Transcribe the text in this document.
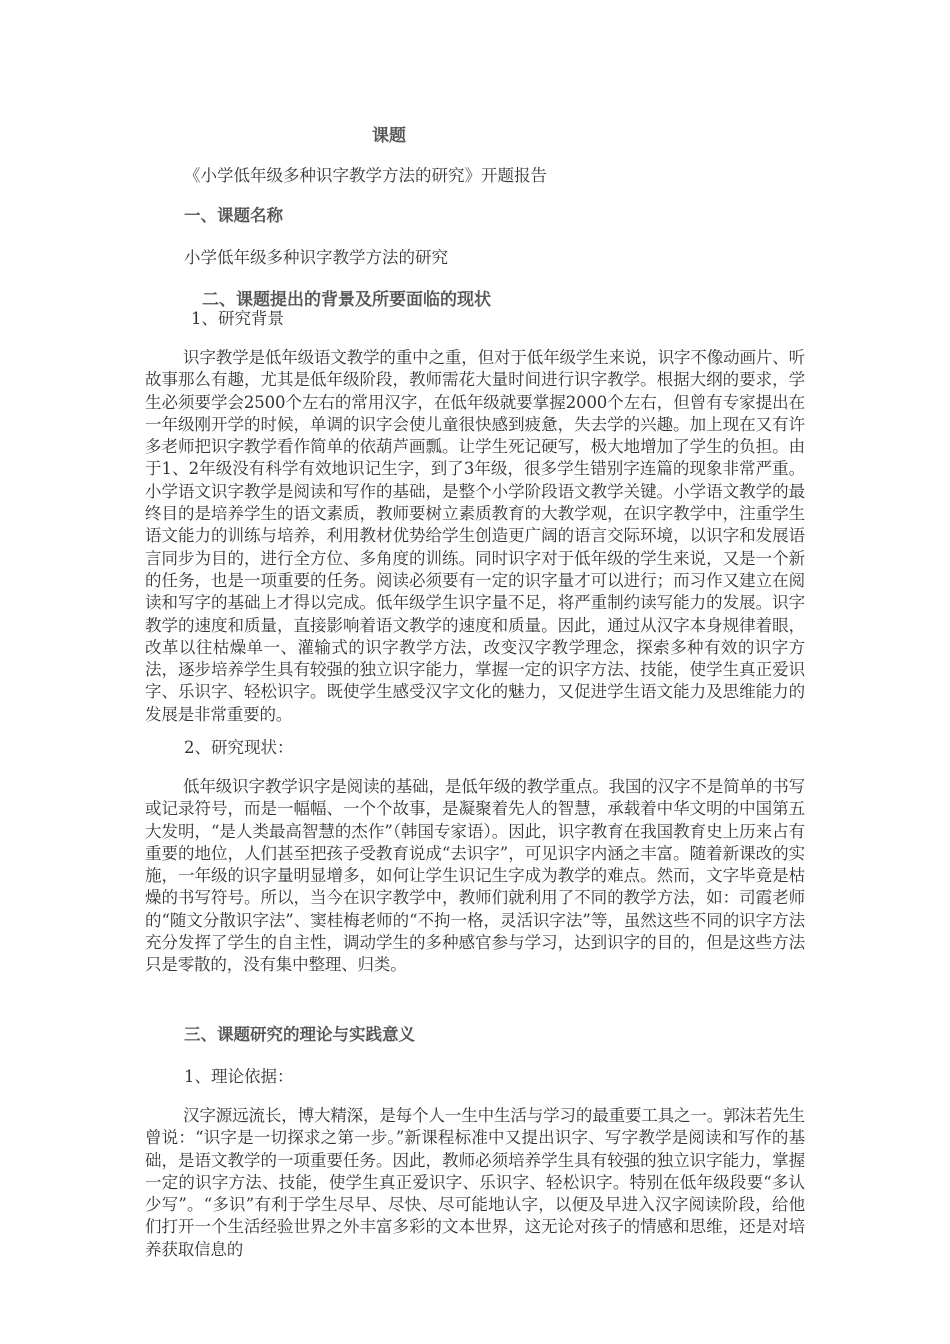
课题
《小学低年级多种识字教学方法的研究》开题报告
一、课题名称
小学低年级多种识字教学方法的研究
二、课题提出的背景及所要面临的现状
1、研究背景

识字教学是低年级语文教学的重中之重，但对于低年级学生来说，识字不像动画片、听故事那么有趣，尤其是低年级阶段，教师需花大量时间进行识字教学。根据大纲的要求，学生必须要学会2500个左右的常用汉字，在低年级就要掌握2000个左右，但曾有专家提出在一年级刚开学的时候，单调的识字会使儿童很快感到疲惫，失去学的兴趣。加上现在又有许多老师把识字教学看作简单的依葫芦画瓢。让学生死记硬写，极大地增加了学生的负担。由于1、2年级没有科学有效地识记生字，到了3年级，很多学生错别字连篇的现象非常严重。小学语文识字教学是阅读和写作的基础，是整个小学阶段语文教学关键。小学语文教学的最终目的是培养学生的语文素质，教师要树立素质教育的大教学观，在识字教学中，注重学生语文能力的训练与培养，利用教材优势给学生创造更广阔的语言交际环境，以识字和发展语言同步为目的，进行全方位、多角度的训练。同时识字对于低年级的学生来说，又是一个新的任务，也是一项重要的任务。阅读必须要有一定的识字量才可以进行；而习作又建立在阅读和写字的基础上才得以完成。低年级学生识字量不足，将严重制约读写能力的发展。识字教学的速度和质量，直接影响着语文教学的速度和质量。因此，通过从汉字本身规律着眼，改革以往枯燥单一、灌输式的识字教学方法，改变汉字教学理念，探索多种有效的识字方法，逐步培养学生具有较强的独立识字能力，掌握一定的识字方法、技能，使学生真正爱识字、乐识字、轻松识字。既使学生感受汉字文化的魅力，又促进学生语文能力及思维能力的发展是非常重要的。

2、研究现状：

低年级识字教学识字是阅读的基础，是低年级的教学重点。我国的汉字不是简单的书写或记录符号，而是一幅幅、一个个故事，是凝聚着先人的智慧，承载着中华文明的中国第五大发明，“是人类最高智慧的杰作”（韩国专家语）。因此，识字教育在我国教育史上历来占有重要的地位，人们甚至把孩子受教育说成“去识字”，可见识字内涵之丰富。随着新课改的实施，一年级的识字量明显增多，如何让学生识记生字成为教学的难点。然而，文字毕竟是枯燥的书写符号。所以，当今在识字教学中，教师们就利用了不同的教学方法，如：司霞老师的“随文分散识字法”、窦桂梅老师的“不拘一格，灵活识字法”等，虽然这些不同的识字方法充分发挥了学生的自主性，调动学生的多种感官参与学习，达到识字的目的，但是这些方法只是零散的，没有集中整理、归类。

三、课题研究的理论与实践意义
1、理论依据：

汉字源远流长，博大精深，是每个人一生中生活与学习的最重要工具之一。郭沫若先生曾说：“识字是一切探求之第一步。”新课程标准中又提出识字、写字教学是阅读和写作的基础，是语文教学的一项重要任务。因此，教师必须培养学生具有较强的独立识字能力，掌握一定的识字方法、技能，使学生真正爱识字、乐识字、轻松识字。特别在低年级段要“多认少写”。“多识”有利于学生尽早、尽快、尽可能地认字，以便及早进入汉字阅读阶段，给他们打开一个生活经验世界之外丰富多彩的文本世界，这无论对孩子的情感和思维，还是对培养获取信息的
